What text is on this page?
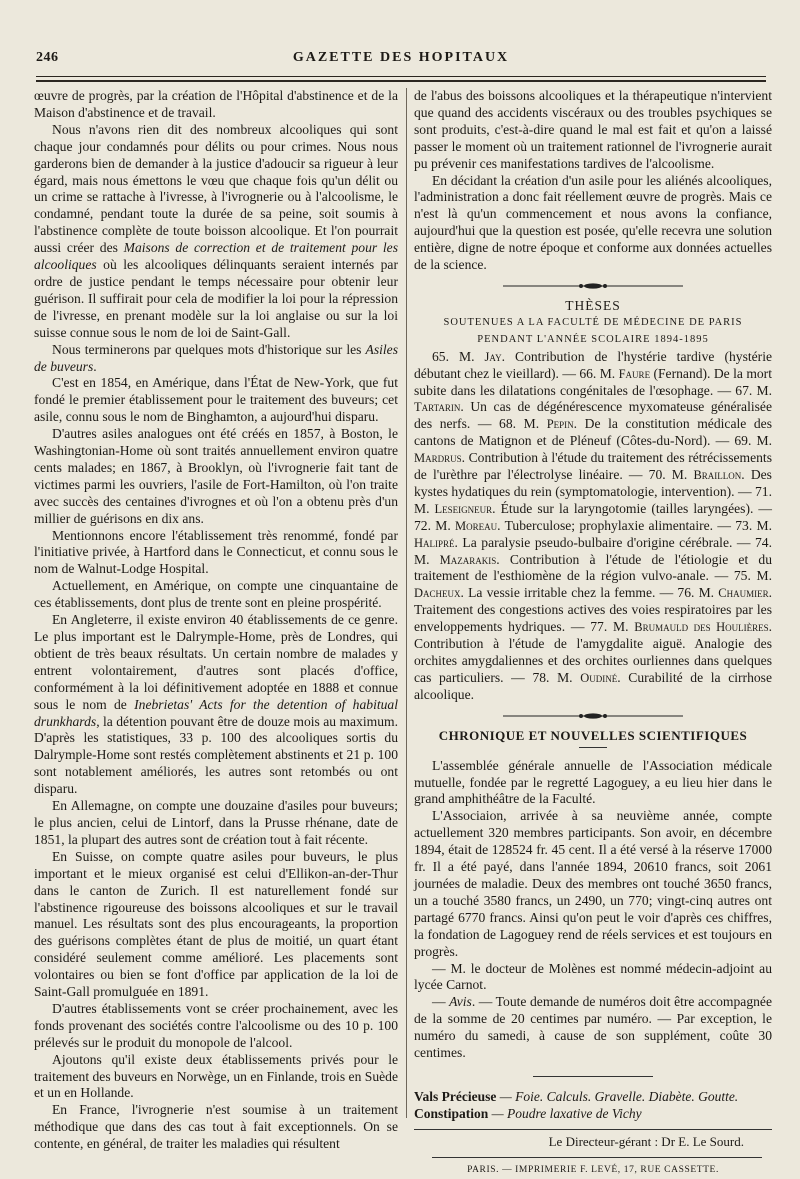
246	GAZETTE DES HOPITAUX

œuvre de progrès, par la création de l'Hôpital d'abstinence et de la Maison d'abstinence et de travail.

Nous n'avons rien dit des nombreux alcooliques qui sont chaque jour condamnés pour délits ou pour crimes. Nous nous garderons bien de demander à la justice d'adoucir sa rigueur à leur égard, mais nous émettons le vœu que chaque fois qu'un délit ou un crime se rattache à l'ivresse, à l'ivrognerie ou à l'alcoolisme, le condamné, pendant toute la durée de sa peine, soit soumis à l'abstinence complète de toute boisson alcoolique. Et l'on pourrait aussi créer des Maisons de correction et de traitement pour les alcooliques où les alcooliques délinquants seraient internés par ordre de justice pendant le temps nécessaire pour obtenir leur guérison. Il suffirait pour cela de modifier la loi pour la répression de l'ivresse, en prenant modèle sur la loi anglaise ou sur la loi suisse connue sous le nom de loi de Saint-Gall.

Nous terminerons par quelques mots d'historique sur les Asiles de buveurs.

C'est en 1854, en Amérique, dans l'État de New-York, que fut fondé le premier établissement pour le traitement des buveurs; cet asile, connu sous le nom de Binghamton, a aujourd'hui disparu.

D'autres asiles analogues ont été créés en 1857, à Boston, le Washingtonian-Home où sont traités annuellement environ quatre cents malades; en 1867, à Brooklyn, où l'ivrognerie fait tant de victimes parmi les ouvriers, l'asile de Fort-Hamilton, où l'on traite avec succès des centaines d'ivrognes et où l'on a obtenu près d'un millier de guérisons en dix ans.

Mentionnons encore l'établissement très renommé, fondé par l'initiative privée, à Hartford dans le Connecticut, et connu sous le nom de Walnut-Lodge Hospital.

Actuellement, en Amérique, on compte une cinquantaine de ces établissements, dont plus de trente sont en pleine prospérité.

En Angleterre, il existe environ 40 établissements de ce genre. Le plus important est le Dalrymple-Home, près de Londres, qui obtient de très beaux résultats. Un certain nombre de malades y entrent volontairement, d'autres sont placés d'office, conformément à la loi définitivement adoptée en 1888 et connue sous le nom de Inebrietas' Acts for the detention of habitual drunkhards, la détention pouvant être de douze mois au maximum. D'après les statistiques, 33 p. 100 des alcooliques sortis du Dalrymple-Home sont restés complètement abstinents et 21 p. 100 sont notablement améliorés, les autres sont retombés ou ont disparu.

En Allemagne, on compte une douzaine d'asiles pour buveurs; le plus ancien, celui de Lintorf, dans la Prusse rhénane, date de 1851, la plupart des autres sont de création tout à fait récente.

En Suisse, on compte quatre asiles pour buveurs, le plus important et le mieux organisé est celui d'Ellikon-an-der-Thur dans le canton de Zurich. Il est naturellement fondé sur l'abstinence rigoureuse des boissons alcooliques et sur le travail manuel. Les résultats sont des plus encourageants, la proportion des guérisons complètes étant de plus de moitié, un quart étant considéré seulement comme amélioré. Les placements sont volontaires ou bien se font d'office par application de la loi de Saint-Gall promulguée en 1891.

D'autres établissements vont se créer prochainement, avec les fonds provenant des sociétés contre l'alcoolisme ou des 10 p. 100 prélevés sur le produit du monopole de l'alcool.

Ajoutons qu'il existe deux établissements privés pour le traitement des buveurs en Norwège, un en Finlande, trois en Suède et un en Hollande.

En France, l'ivrognerie n'est soumise à un traitement méthodique que dans des cas tout à fait exceptionnels. On se contente, en général, de traiter les maladies qui résultent

de l'abus des boissons alcooliques et la thérapeutique n'intervient que quand des accidents viscéraux ou des troubles psychiques se sont produits, c'est-à-dire quand le mal est fait et qu'on a laissé passer le moment où un traitement rationnel de l'ivrognerie aurait pu prévenir ces manifestations tardives de l'alcoolisme.

En décidant la création d'un asile pour les aliénés alcooliques, l'administration a donc fait réellement œuvre de progrès. Mais ce n'est là qu'un commencement et nous avons la confiance, aujourd'hui que la question est posée, qu'elle recevra une solution entière, digne de notre époque et conforme aux données actuelles de la science.

THÈSES

SOUTENUES A LA FACULTÉ DE MÉDECINE DE PARIS

PENDANT L'ANNÉE SCOLAIRE 1894-1895

65. M. Jay. Contribution de l'hystérie tardive (hystérie débutant chez le vieillard). — 66. M. Faure (Fernand). De la mort subite dans les dilatations congénitales de l'œsophage. — 67. M. Tartarin. Un cas de dégénérescence myxomateuse généralisée des nerfs. — 68. M. Pepin. De la constitution médicale des cantons de Matignon et de Pléneuf (Côtes-du-Nord). — 69. M. Mardrus. Contribution à l'étude du traitement des rétrécissements de l'urèthre par l'électrolyse linéaire. — 70. M. Braillon. Des kystes hydatiques du rein (symptomatologie, intervention). — 71. M. Leseigneur. Étude sur la laryngotomie (tailles laryngées). — 72. M. Moreau. Tuberculose; prophylaxie alimentaire. — 73. M. Halipré. La paralysie pseudo-bulbaire d'origine cérébrale. — 74. M. Mazarakis. Contribution à l'étude de l'étiologie et du traitement de l'esthiomène de la région vulvo-anale. — 75. M. Dacheux. La vessie irritable chez la femme. — 76. M. Chaumier. Traitement des congestions actives des voies respiratoires par les enveloppements hydriques. — 77. M. Brumauld des Houlières. Contribution à l'étude de l'amygdalite aiguë. Analogie des orchites amygdaliennes et des orchites ourliennes dans quelques cas particuliers. — 78. M. Oudiné. Curabilité de la cirrhose alcoolique.

CHRONIQUE ET NOUVELLES SCIENTIFIQUES

L'assemblée générale annuelle de l'Association médicale mutuelle, fondée par le regretté Lagoguey, a eu lieu hier dans le grand amphithéâtre de la Faculté.

L'Associaion, arrivée à sa neuvième année, compte actuellement 320 membres participants. Son avoir, en décembre 1894, était de 128524 fr. 45 cent. Il a été versé à la réserve 17000 fr. Il a été payé, dans l'année 1894, 20610 francs, soit 2061 journées de maladie. Deux des membres ont touché 3650 francs, un a touché 3580 francs, un 2490, un 770; vingt-cinq autres ont partagé 6770 francs. Ainsi qu'on peut le voir d'après ces chiffres, la fondation de Lagoguey rend de réels services et est toujours en progrès.

— M. le docteur de Molènes est nommé médecin-adjoint au lycée Carnot.

— Avis. — Toute demande de numéros doit être accompagnée de la somme de 20 centimes par numéro. — Par exception, le numéro du samedi, à cause de son supplément, coûte 30 centimes.

Vals Précieuse — Foie. Calculs. Gravelle. Diabète. Goutte.

Constipation — Poudre laxative de Vichy

Le Directeur-gérant : Dr E. Le Sourd.

PARIS. — IMPRIMERIE F. LEVÉ, 17, RUE CASSETTE.
